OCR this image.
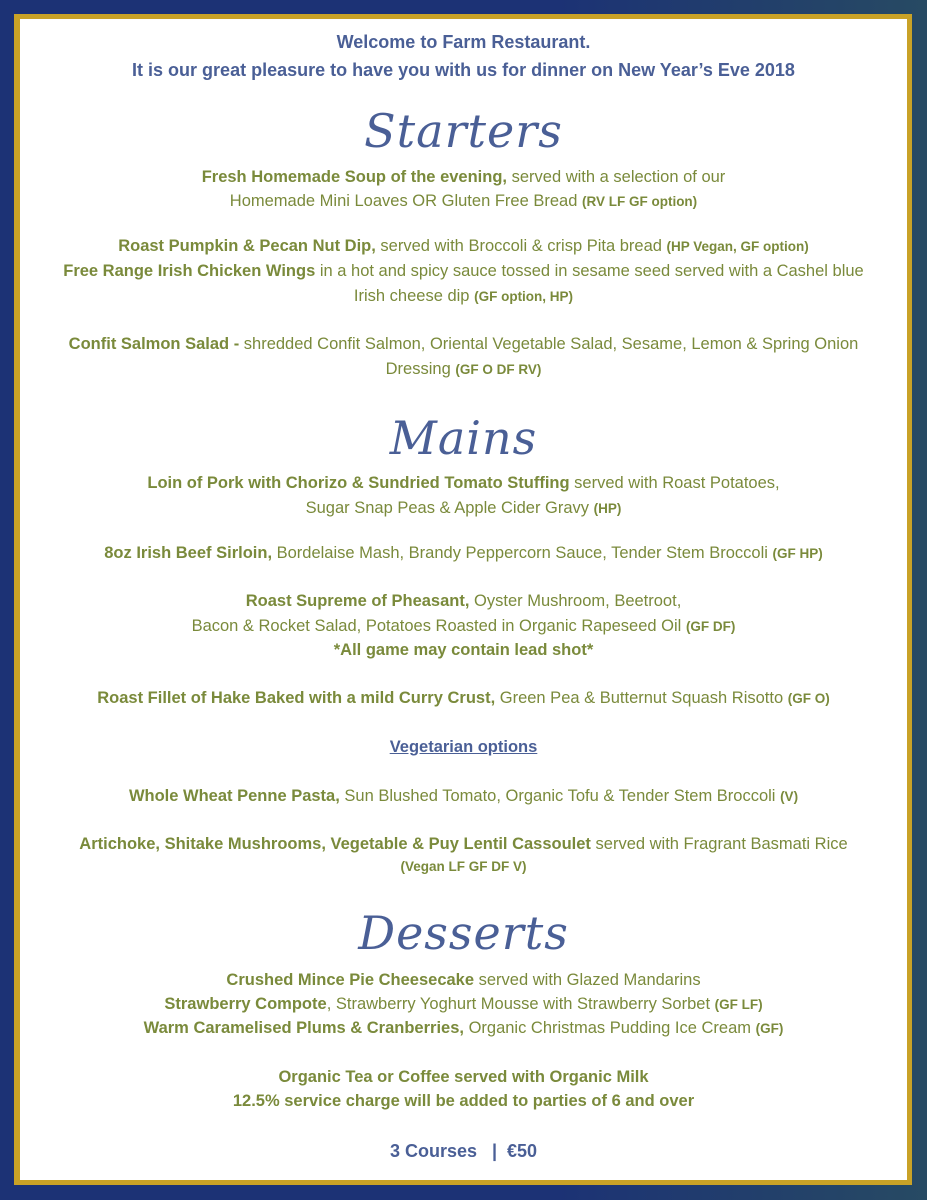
Welcome to Farm Restaurant.
It is our great pleasure to have you with us for dinner on New Year’s Eve 2018
Starters
Fresh Homemade Soup of the evening, served with a selection of our
Homemade Mini Loaves OR Gluten Free Bread (RV LF GF option)
Roast Pumpkin & Pecan Nut Dip, served with Broccoli & crisp Pita bread (HP Vegan, GF option)
Free Range Irish Chicken Wings in a hot and spicy sauce tossed in sesame seed served with a Cashel blue
Irish cheese dip (GF option, HP)
Confit Salmon Salad - shredded Confit Salmon, Oriental Vegetable Salad, Sesame, Lemon & Spring Onion
Dressing (GF O DF RV)
Mains
Loin of Pork with Chorizo & Sundried Tomato Stuffing served with Roast Potatoes,
Sugar Snap Peas & Apple Cider Gravy (HP)
8oz Irish Beef Sirloin, Bordelaise Mash, Brandy Peppercorn Sauce, Tender Stem Broccoli (GF HP)
Roast Supreme of Pheasant, Oyster Mushroom, Beetroot,
Bacon & Rocket Salad, Potatoes Roasted in Organic Rapeseed Oil (GF DF)
*All game may contain lead shot*
Roast Fillet of Hake Baked with a mild Curry Crust, Green Pea & Butternut Squash Risotto (GF O)
Vegetarian options
Whole Wheat Penne Pasta, Sun Blushed Tomato, Organic Tofu & Tender Stem Broccoli (V)
Artichoke, Shitake Mushrooms, Vegetable & Puy Lentil Cassoulet served with Fragrant Basmati Rice
(Vegan LF GF DF V)
Desserts
Crushed Mince Pie Cheesecake served with Glazed Mandarins
Strawberry Compote, Strawberry Yoghurt Mousse with Strawberry Sorbet (GF LF)
Warm Caramelised Plums & Cranberries, Organic Christmas Pudding Ice Cream (GF)
Organic Tea or Coffee served with Organic Milk
12.5% service charge will be added to parties of 6 and over
3 Courses   |  €50
